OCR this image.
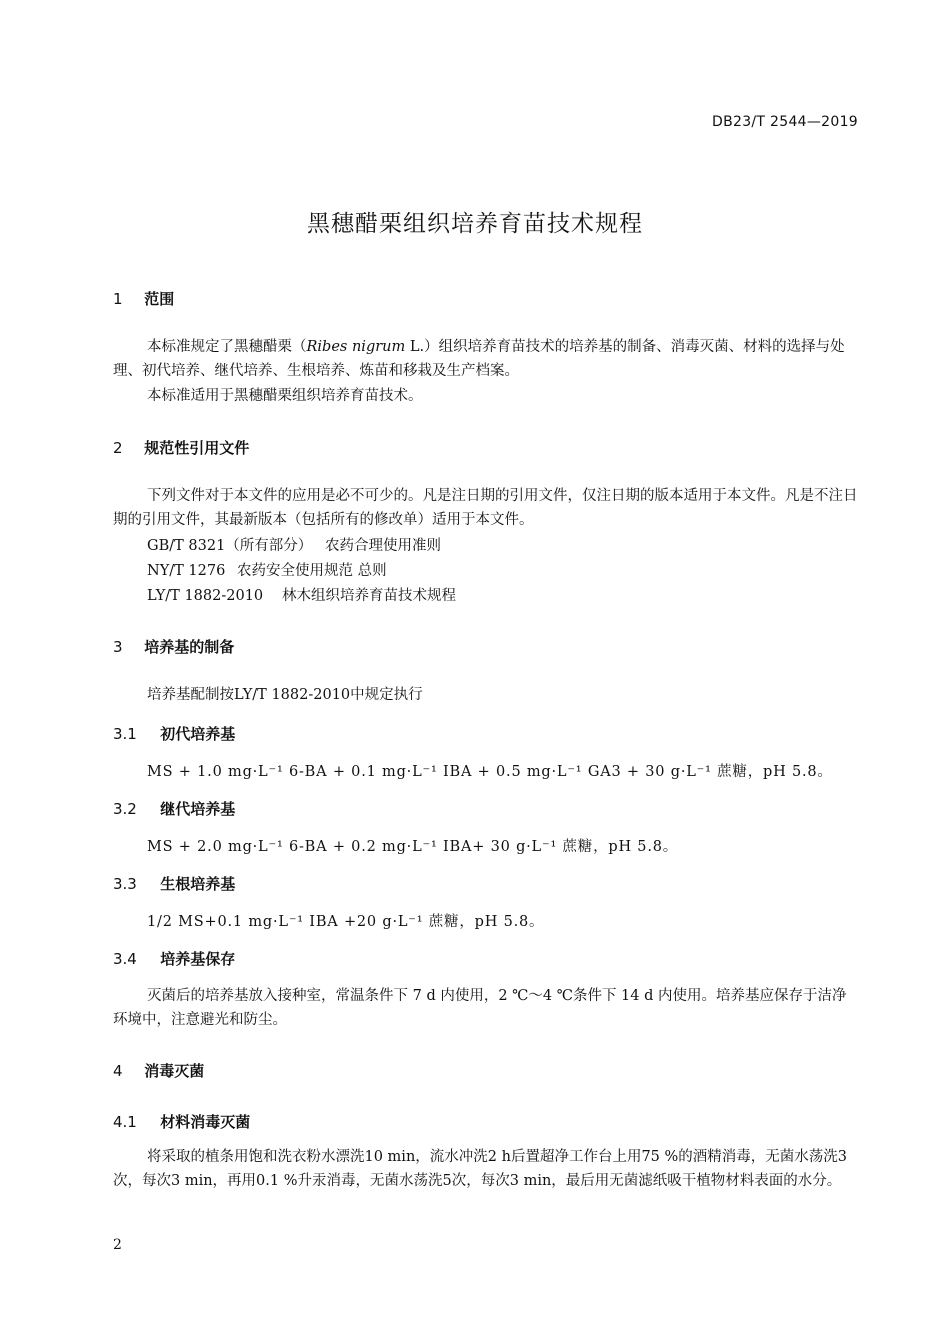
DB23/T 2544—2019
黑穗醋栗组织培养育苗技术规程
1 范围
本标准规定了黑穗醋栗（Ribes nigrum L.）组织培养育苗技术的培养基的制备、消毒灭菌、材料的选择与处理、初代培养、继代培养、生根培养、炼苗和移栽及生产档案。
本标准适用于黑穗醋栗组织培养育苗技术。
2 规范性引用文件
下列文件对于本文件的应用是必不可少的。凡是注日期的引用文件，仅注日期的版本适用于本文件。凡是不注日期的引用文件，其最新版本（包括所有的修改单）适用于本文件。
GB/T 8321（所有部分） 农药合理使用准则
NY/T 1276 农药安全使用规范 总则
LY/T 1882-2010 林木组织培养育苗技术规程
3 培养基的制备
培养基配制按LY/T 1882-2010中规定执行
3.1 初代培养基
MS + 1.0 mg·L⁻¹ 6-BA + 0.1 mg·L⁻¹ IBA + 0.5 mg·L⁻¹ GA3 + 30 g·L⁻¹ 蔗糖，pH 5.8。
3.2 继代培养基
MS + 2.0 mg·L⁻¹ 6-BA + 0.2 mg·L⁻¹ IBA+ 30 g·L⁻¹ 蔗糖，pH 5.8。
3.3 生根培养基
1/2 MS+0.1 mg·L⁻¹ IBA +20 g·L⁻¹ 蔗糖，pH 5.8。
3.4 培养基保存
灭菌后的培养基放入接种室，常温条件下 7 d 内使用，2 ℃～4 ℃条件下 14 d 内使用。培养基应保存于洁净环境中，注意避光和防尘。
4 消毒灭菌
4.1 材料消毒灭菌
将采取的植条用饱和洗衣粉水漂洗10 min，流水冲洗2 h后置超净工作台上用75 %的酒精消毒，无菌水荡洗3次，每次3 min，再用0.1 %升汞消毒，无菌水荡洗5次，每次3 min，最后用无菌滤纸吸干植物材料表面的水分。
2
